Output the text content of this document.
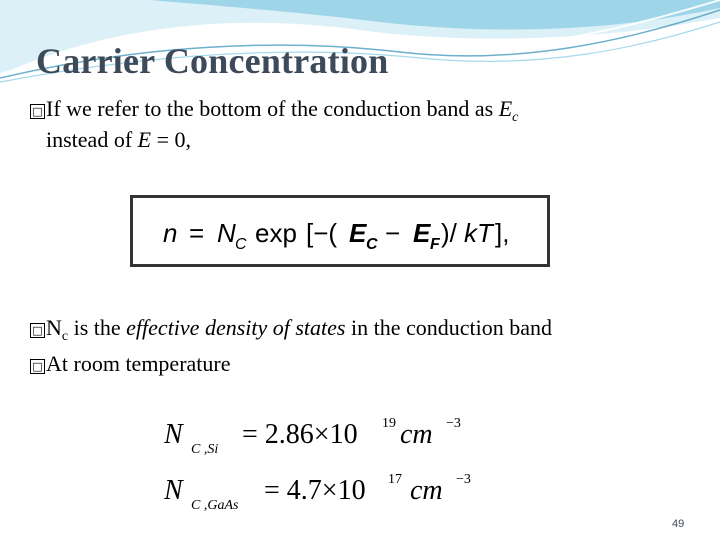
Carrier Concentration
□ If we refer to the bottom of the conduction band as $E_c$
instead of E = 0,
n = N C exp [−( E C − E F )/ kT ],
□ $N_c$ is the effective density of states in the conduction band
□ At room temperature
N C ,Si = 2.86×10 19 cm −3
N C ,GaAs = 4.7×10 17 cm −3
49
